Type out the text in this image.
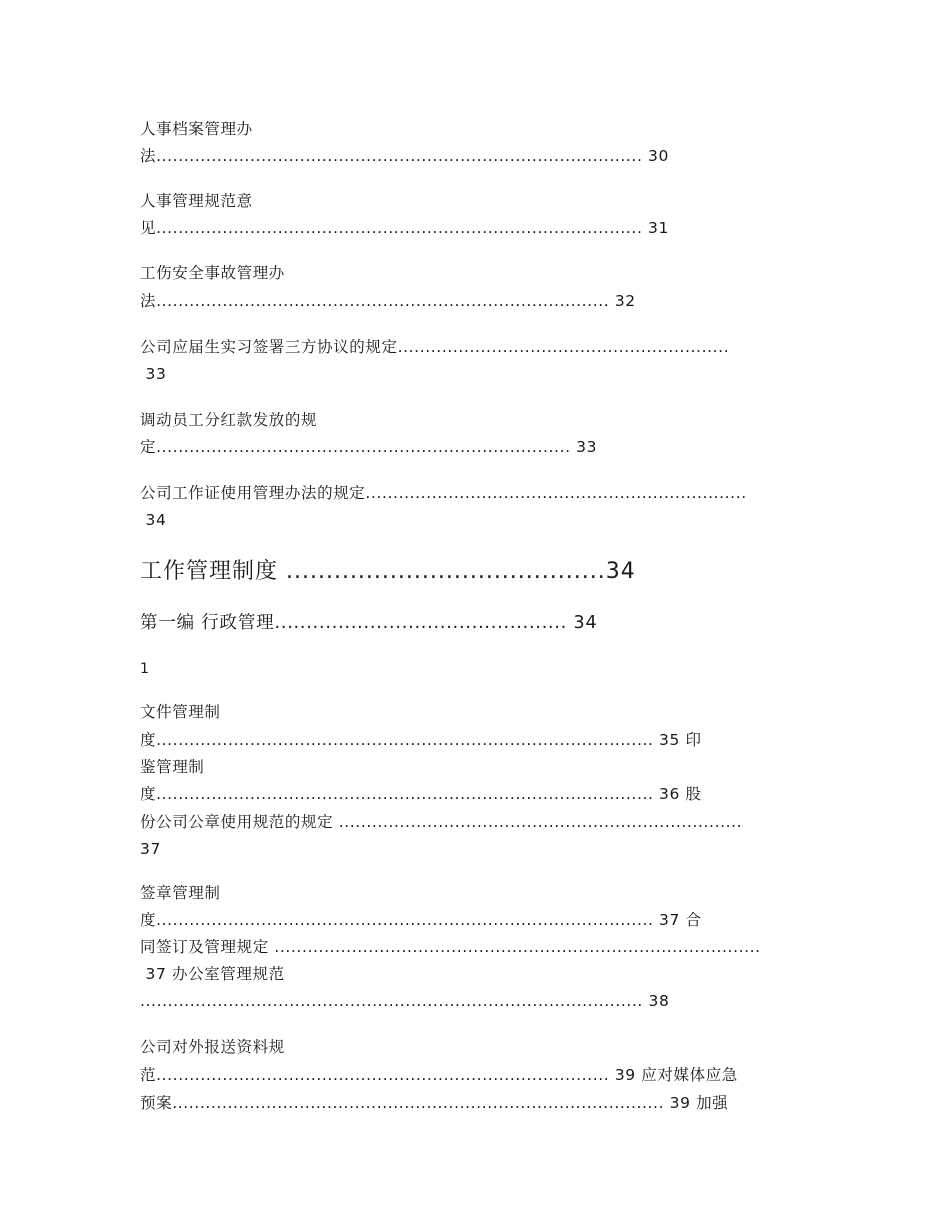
人事档案管理办
法........................................................................................ 30
人事管理规范意
见........................................................................................ 31
工伤安全事故管理办
法.................................................................................. 32
公司应届生实习签署三方协议的规定............................................................
33
调动员工分红款发放的规
定........................................................................... 33
公司工作证使用管理办法的规定.....................................................................
34
工作管理制度 ........................................34
第一编 行政管理.............................................. 34
1
文件管理制
度.......................................................................................... 35 印
鉴管理制
度.......................................................................................... 36 股
份公司公章使用规范的规定 .........................................................................
37
签章管理制
度.......................................................................................... 37 合
同签订及管理规定 ........................................................................................
37 办公室管理规范
........................................................................................... 38
公司对外报送资料规
范.................................................................................. 39 应对媒体应急
预案......................................................................................... 39 加强
